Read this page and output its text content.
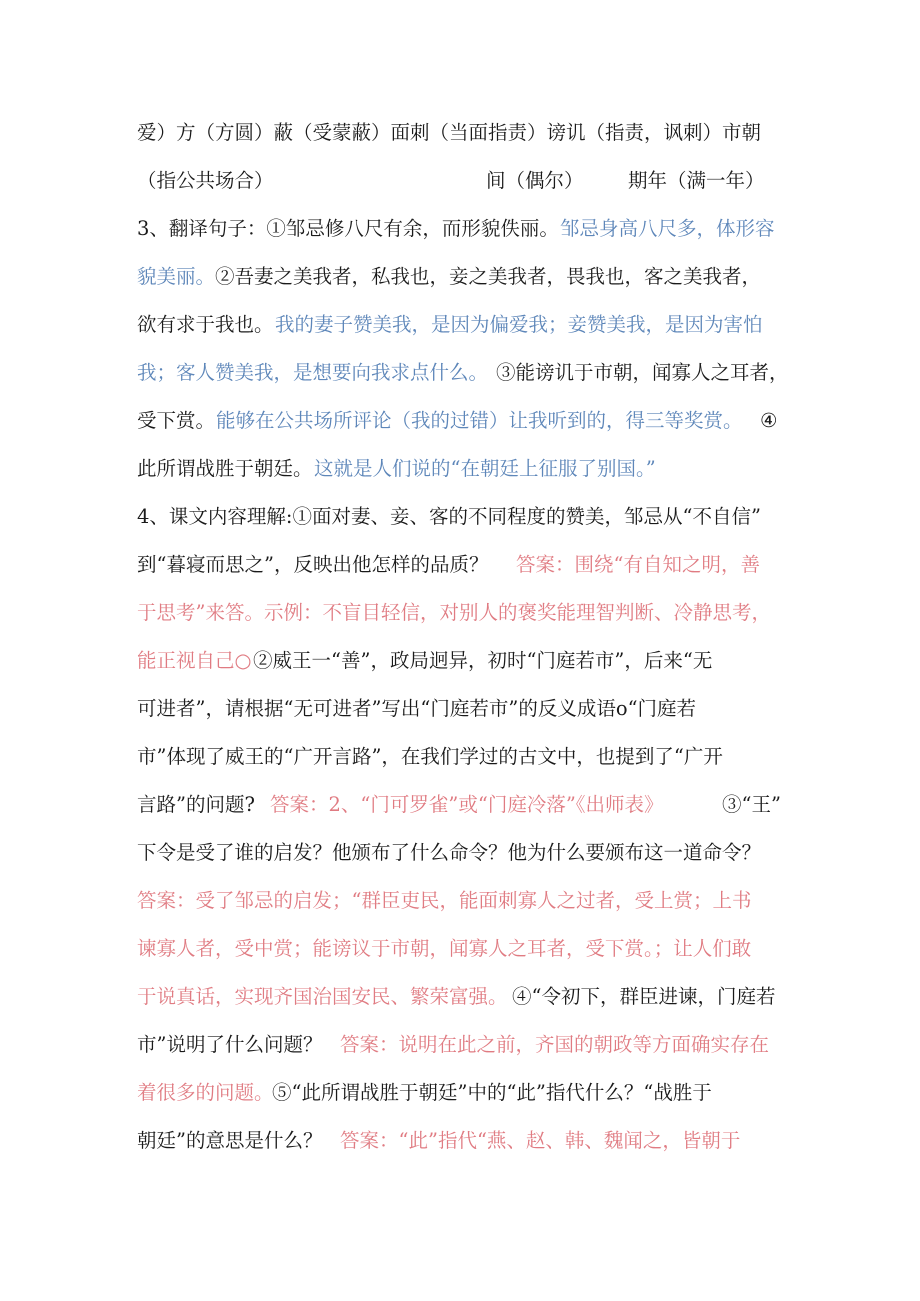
爱）方（方圆）蔽（受蒙蔽）面刺（当面指责）谤讥（指责，讽刺）市朝
（指公共场合）	间（偶尔） 期年（满一年）
3、翻译句子：①邹忌修八尺有余，而形貌佚丽。 邹忌身高八尺多，体形容
貌美丽。 ②吾妻之美我者，私我也，妾之美我者，畏我也，客之美我者，
欲有求于我也。 我的妻子赞美我，是因为偏爱我；妾赞美我，是因为害怕
我；客人赞美我，是想要向我求点什么。 ③能谤讥于市朝，闻寡人之耳者，
受下赏。 能够在公共场所评论（我的过错）让我听到的，得三等奖赏。 ④
此所谓战胜于朝廷。 这就是人们说的“在朝廷上征服了别国。”
4、课文内容理解:①面对妻、妾、客的不同程度的赞美，邹忌从“不自信”
到“暮寝而思之”，反映出他怎样的品质？ 答案：围绕“有自知之明，善
于思考”来答。示例：不盲目轻信，对别人的褒奖能理智判断、冷静思考，
能正视自己○ ②威王一“善”，政局迥异，初时“门庭若市”，后来“无
可进者”，请根据“无可进者”写出“门庭若市”的反义成语o“门庭若
市”体现了威王的“广开言路”，在我们学过的古文中，也提到了“广开
言路”的问题? 答案：2、“门可罗雀”或“门庭冷落”《出师表》	③“王”
下令是受了谁的启发？他颁布了什么命令？他为什么要颁布这一道命令？
答案：受了邹忌的启发；“群臣吏民，能面刺寡人之过者，受上赏；上书
谏寡人者，受中赏；能谤议于市朝，闻寡人之耳者，受下赏。；让人们敢
于说真话，实现齐国治国安民、繁荣富强。 ④“令初下，群臣进谏，门庭若
市”说明了什么问题？ 答案：说明在此之前，齐国的朝政等方面确实存在
着很多的问题。
⑤“此所谓战胜于朝廷”中的“此”指代什么？“战胜于
朝廷”的意思是什么？ 答案：“此”指代“燕、赵、韩、魏闻之，皆朝于
